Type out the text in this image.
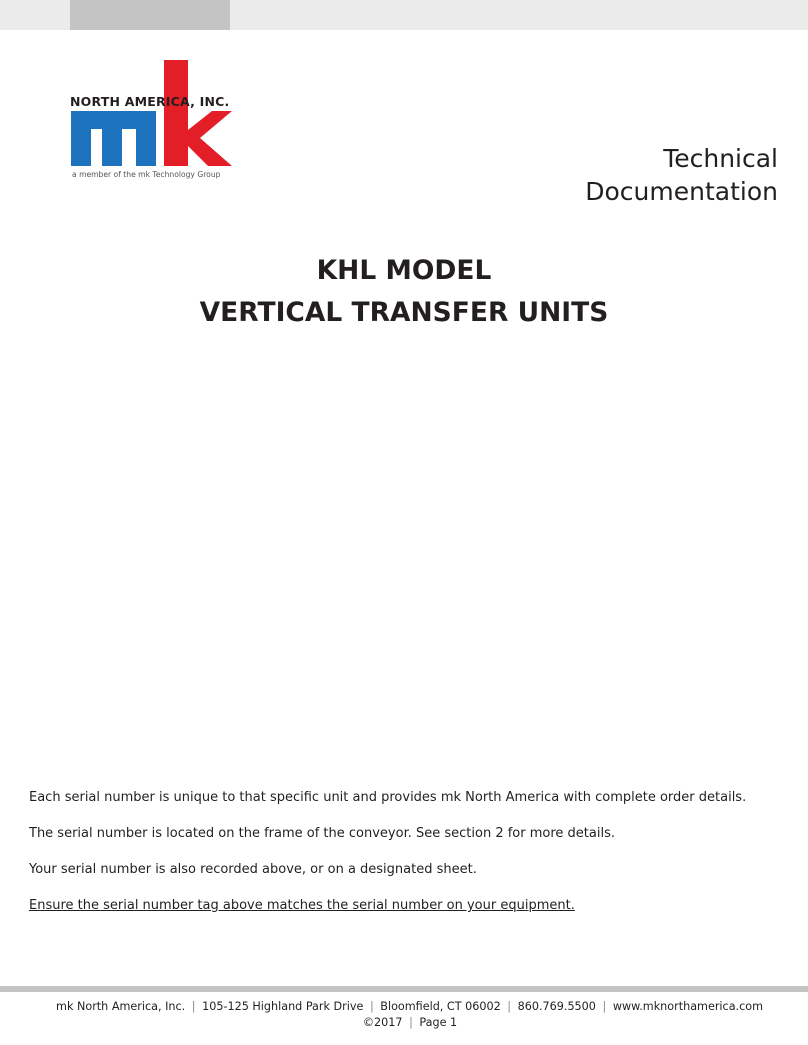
NORTH AMERICA, INC.
a member of the mk Technology Group
Technical
Documentation
KHL MODEL
VERTICAL TRANSFER UNITS

Each serial number is unique to that specific unit and provides mk North America with complete order details.

The serial number is located on the frame of the conveyor. See section 2 for more details.

Your serial number is also recorded above, or on a designated sheet.

Ensure the serial number tag above matches the serial number on your equipment.

mk North America, Inc. | 105-125 Highland Park Drive | Bloomfield, CT 06002 | 860.769.5500 | www.mknorthamerica.com
©2017 | Page 1
